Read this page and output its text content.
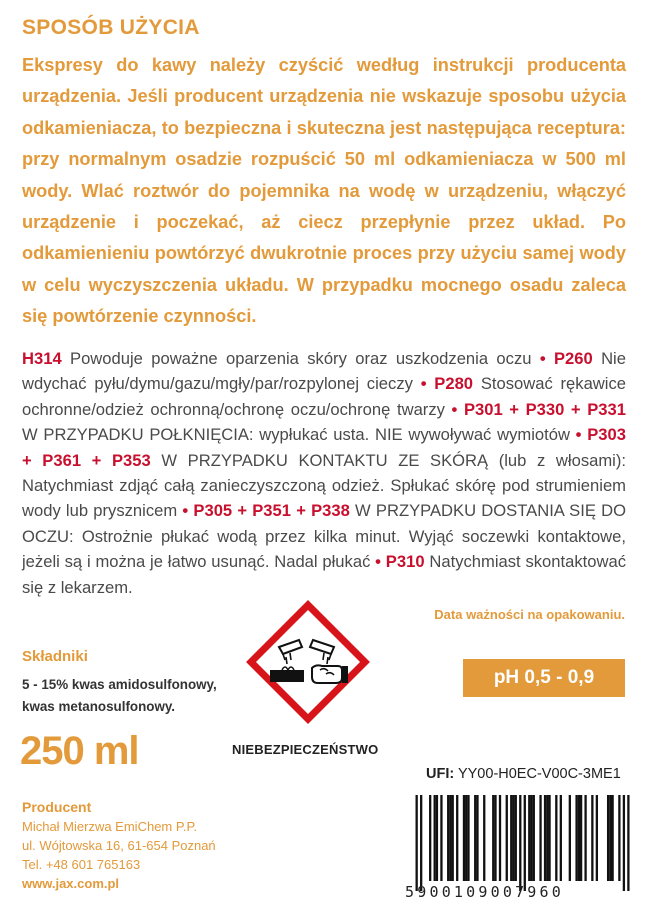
SPOSÓB UŻYCIA
Ekspresy do kawy należy czyścić według instrukcji producenta urządzenia. Jeśli producent urządzenia nie wskazuje sposobu użycia odkamieniacza, to bezpieczna i skuteczna jest następująca receptura: przy normalnym osadzie rozpuścić 50 ml odkamieniacza w 500 ml wody. Wlać roztwór do pojemnika na wodę w urządzeniu, włączyć urządzenie i poczekać, aż ciecz przepłynie przez układ. Po odkamienieniu powtórzyć dwukrotnie proces przy użyciu samej wody w celu wyczyszczenia układu. W przypadku mocnego osadu zaleca się powtórzenie czynności.
H314 Powoduje poważne oparzenia skóry oraz uszkodzenia oczu • P260 Nie wdychać pyłu/dymu/gazu/mgły/par/rozpylonej cieczy • P280 Stosować rękawice ochronne/odzież ochronną/ochronę oczu/ochronę twarzy • P301 + P330 + P331 W PRZYPADKU POŁKNIĘCIA: wypłukać usta. NIE wywoływać wymiotów • P303 + P361 + P353 W PRZYPADKU KONTAKTU ZE SKÓRĄ (lub z włosami): Natychmiast zdjąć całą zanieczyszczoną odzież. Spłukać skórę pod strumieniem wody lub prysznicem • P305 + P351 + P338 W PRZYPADKU DOSTANIA SIĘ DO OCZU: Ostrożnie płukać wodą przez kilka minut. Wyjąć soczewki kontaktowe, jeżeli są i można je łatwo usunąć. Nadal płukać • P310 Natychmiast skontaktować się z lekarzem.
Data ważności na opakowaniu.
Składniki
5 - 15% kwas amidosulfonowy,
kwas metanosulfonowy.
250 ml	NIEBEZPIECZEŃSTWO
pH 0,5 - 0,9
UFI: YY00-H0EC-V00C-3ME1
Producent
Michał Mierzwa EmiChem P.P.
ul. Wójtowska 16, 61-654 Poznań
Tel. +48 601 765163
www.jax.com.pl	5900109007960
